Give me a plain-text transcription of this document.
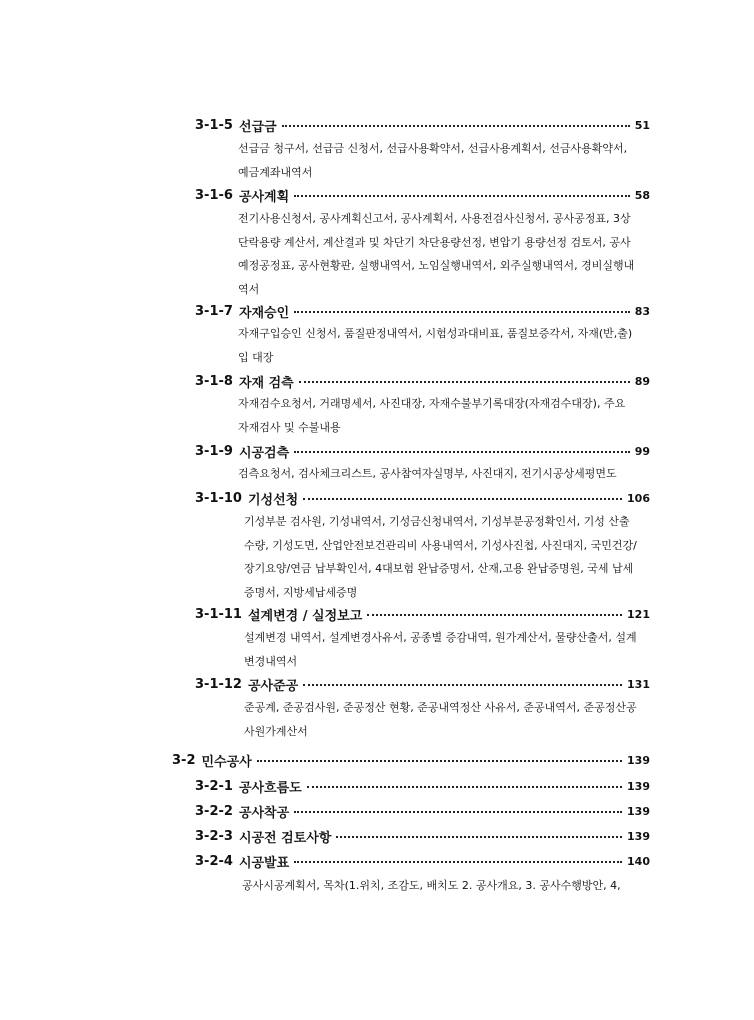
3-1-5 선급금	51
선급금 청구서, 선급금 신청서, 선급사용확약서, 선급사용계획서, 선금사용확약서,
예금계좌내역서
3-1-6 공사계획	58
전기사용신청서, 공사계획신고서, 공사계획서, 사용전검사신청서, 공사공정표, 3상
단락용량 계산서, 계산결과 및 차단기 차단용량선정, 변압기 용량선정 검토서, 공사
예정공정표, 공사현황판, 실행내역서, 노임실행내역서, 외주실행내역서, 경비실행내
역서
3-1-7 자재승인	83
자재구입승인 신청서, 품질판정내역서, 시험성과대비표, 품질보증각서, 자재(반,출)
입 대장
3-1-8 자재 검측	89
자재검수요청서, 거래명세서, 사진대장, 자재수불부기록대장(자재검수대장), 주요
자재검사 및 수불내용
3-1-9 시공검측	99
검측요청서, 검사체크리스트, 공사참여자실명부, 사진대지, 전기시공상세평면도
3-1-10 기성선청	106
기성부분 검사원, 기성내역서, 기성금신청내역서, 기성부분공정확인서, 기성 산출
수량, 기성도면, 산업안전보건관리비 사용내역서, 기성사진첩, 사진대지, 국민건강/
장기요양/연금 납부확인서, 4대보험 완납증명서, 산재,고용 완납증명원, 국세 납세
증명서, 지방세납세증명
3-1-11 설계변경 / 실정보고	121
설계변경 내역서, 설계변경사유서, 공종별 증감내역, 원가계산서, 물량산출서, 설계
변경내역서
3-1-12 공사준공	131
준공계, 준공검사원, 준공정산 현황, 준공내역정산 사유서, 준공내역서, 준공정산공
사원가계산서
3-2 민수공사	139
3-2-1 공사흐름도	139
3-2-2 공사착공	139
3-2-3 시공전 검토사항	139
3-2-4 시공발표	140
공사시공계획서, 목차(1.위치, 조감도, 배치도 2. 공사개요, 3. 공사수행방안, 4,
